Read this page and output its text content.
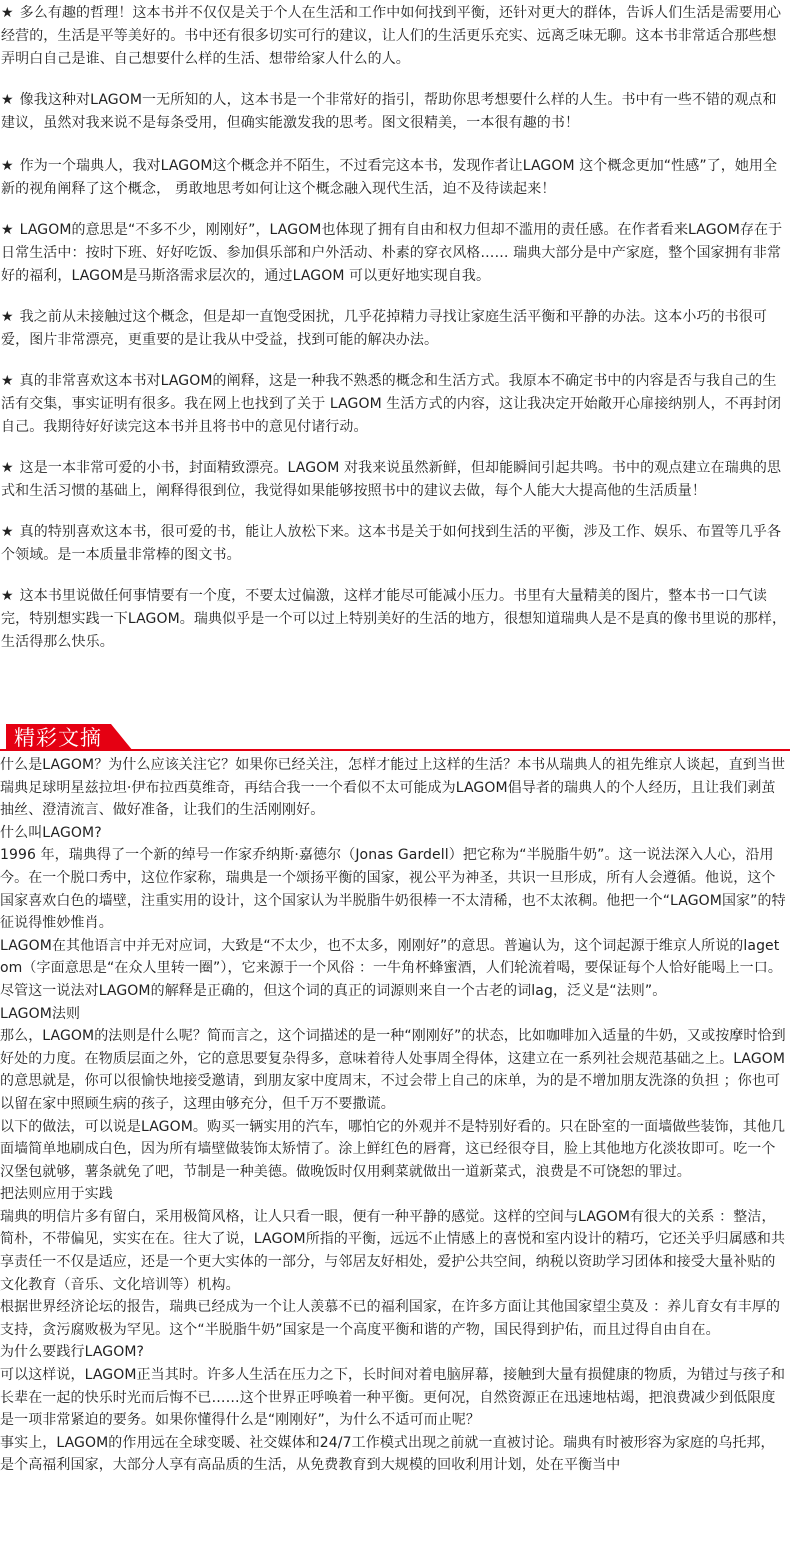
★ 多么有趣的哲理！这本书并不仅仅是关于个人在生活和工作中如何找到平衡，还针对更大的群体，告诉人们生活是需要用心经营的，生活是平等美好的。书中还有很多切实可行的建议，让人们的生活更乐充实、远离乏味无聊。这本书非常适合那些想弄明白自己是谁、自己想要什么样的生活、想带给家人什么的人。

★ 像我这种对LAGOM一无所知的人，这本书是一个非常好的指引，帮助你思考想要什么样的人生。书中有一些不错的观点和建议，虽然对我来说不是每条受用，但确实能激发我的思考。图文很精美，一本很有趣的书！

★ 作为一个瑞典人，我对LAGOM这个概念并不陌生，不过看完这本书，发现作者让LAGOM 这个概念更加“性感”了，她用全新的视角阐释了这个概念， 勇敢地思考如何让这个概念融入现代生活，迫不及待读起来！

★ LAGOM的意思是“不多不少，刚刚好”，LAGOM也体现了拥有自由和权力但却不滥用的责任感。在作者看来LAGOM存在于日常生活中：按时下班、好好吃饭、参加俱乐部和户外活动、朴素的穿衣风格…… 瑞典大部分是中产家庭，整个国家拥有非常好的福利，LAGOM是马斯洛需求层次的，通过LAGOM 可以更好地实现自我。

★ 我之前从未接触过这个概念，但是却一直饱受困扰，几乎花掉精力寻找让家庭生活平衡和平静的办法。这本小巧的书很可爱，图片非常漂亮，更重要的是让我从中受益，找到可能的解决办法。

★ 真的非常喜欢这本书对LAGOM的阐释，这是一种我不熟悉的概念和生活方式。我原本不确定书中的内容是否与我自己的生活有交集，事实证明有很多。我在网上也找到了关于 LAGOM 生活方式的内容，这让我决定开始敞开心扉接纳别人，不再封闭自己。我期待好好读完这本书并且将书中的意见付诸行动。

★ 这是一本非常可爱的小书，封面精致漂亮。LAGOM 对我来说虽然新鲜，但却能瞬间引起共鸣。书中的观点建立在瑞典的思式和生活习惯的基础上，阐释得很到位，我觉得如果能够按照书中的建议去做，每个人能大大提高他的生活质量！

★ 真的特别喜欢这本书，很可爱的书，能让人放松下来。这本书是关于如何找到生活的平衡，涉及工作、娱乐、布置等几乎各个领域。是一本质量非常棒的图文书。

★ 这本书里说做任何事情要有一个度，不要太过偏激，这样才能尽可能减小压力。书里有大量精美的图片，整本书一口气读完，特别想实践一下LAGOM。瑞典似乎是一个可以过上特别美好的生活的地方，很想知道瑞典人是不是真的像书里说的那样，生活得那么快乐。

精彩文摘

什么是LAGOM？为什么应该关注它？如果你已经关注，怎样才能过上这样的生活？本书从瑞典人的祖先维京人谈起，直到当世瑞典足球明星兹拉坦·伊布拉西莫维奇，再结合我一一个看似不太可能成为LAGOM倡导者的瑞典人的个人经历，且让我们剥茧抽丝、澄清流言、做好准备，让我们的生活刚刚好。

什么叫LAGOM?

1996 年，瑞典得了一个新的绰号一作家乔纳斯·嘉德尔（Jonas Gardell）把它称为“半脱脂牛奶”。这一说法深入人心，沿用今。在一个脱口秀中，这位作家称，瑞典是一个颂扬平衡的国家，视公平为神圣，共识一旦形成，所有人会遵循。他说，这个国家喜欢白色的墙壁，注重实用的设计，这个国家认为半脱脂牛奶很棒一不太清稀，也不太浓稠。他把一个“LAGOM国家”的特征说得惟妙惟肖。

LAGOM在其他语言中并无对应词，大致是“不太少，也不太多，刚刚好”的意思。普遍认为，这个词起源于维京人所说的laget om（字面意思是“在众人里转一圈”），它来源于一个风俗 ：一牛角杯蜂蜜酒，人们轮流着喝，要保证每个人恰好能喝上一口。尽管这一说法对LAGOM的解释是正确的，但这个词的真正的词源则来自一个古老的词lag，泛义是“法则”。

LAGOM法则

那么，LAGOM的法则是什么呢？简而言之，这个词描述的是一种“刚刚好”的状态，比如咖啡加入适量的牛奶，又或按摩时恰到好处的力度。在物质层面之外，它的意思要复杂得多，意味着待人处事周全得体，这建立在一系列社会规范基础之上。LAGOM的意思就是，你可以很愉快地接受邀请，到朋友家中度周末，不过会带上自己的床单，为的是不增加朋友洗涤的负担 ；你也可以留在家中照顾生病的孩子，这理由够充分，但千万不要撒谎。

以下的做法，可以说是LAGOM。购买一辆实用的汽车，哪怕它的外观并不是特别好看的。只在卧室的一面墙做些装饰，其他几面墙简单地刷成白色，因为所有墙壁做装饰太矫情了。涂上鲜红色的唇膏，这已经很夺目，脸上其他地方化淡妆即可。吃一个汉堡包就够，薯条就免了吧，节制是一种美德。做晚饭时仅用剩菜就做出一道新菜式，浪费是不可饶恕的罪过。

把法则应用于实践

瑞典的明信片多有留白，采用极简风格，让人只看一眼，便有一种平静的感觉。这样的空间与LAGOM有很大的关系 ：整洁，简朴，不带偏见，实实在在。往大了说，LAGOM所指的平衡，远远不止情感上的喜悦和室内设计的精巧，它还关乎归属感和共享责任一不仅是适应，还是一个更大实体的一部分，与邻居友好相处，爱护公共空间，纳税以资助学习团体和接受大量补贴的文化教育（音乐、文化培训等）机构。

根据世界经济论坛的报告，瑞典已经成为一个让人羡慕不已的福利国家，在许多方面让其他国家望尘莫及 ：养儿育女有丰厚的支持，贪污腐败极为罕见。这个“半脱脂牛奶”国家是一个高度平衡和谐的产物，国民得到护佑，而且过得自由自在。

为什么要践行LAGOM?

可以这样说，LAGOM正当其时。许多人生活在压力之下，长时间对着电脑屏幕，接触到大量有损健康的物质，为错过与孩子和长辈在一起的快乐时光而后悔不已……这个世界正呼唤着一种平衡。更何况，自然资源正在迅速地枯竭，把浪费减少到低限度是一项非常紧迫的要务。如果你懂得什么是“刚刚好”，为什么不适可而止呢？

事实上，LAGOM的作用远在全球变暖、社交媒体和24/7工作模式出现之前就一直被讨论。瑞典有时被形容为家庭的乌托邦，是个高福利国家，大部分人享有高品质的生活，从免费教育到大规模的回收利用计划，处在平衡当中
